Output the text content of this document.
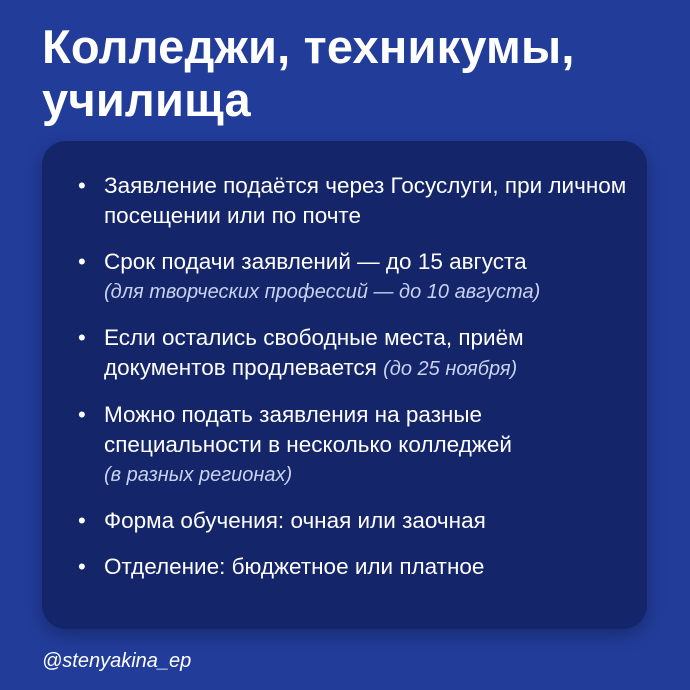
Колледжи, техникумы,
училища
• Заявление подаётся через Госуслуги, при личном посещении или по почте
• Срок подачи заявлений — до 15 августа
(для творческих профессий — до 10 августа)
• Если остались свободные места, приём документов продлевается (до 25 ноября)
• Можно подать заявления на разные специальности в несколько колледжей
(в разных регионах)
• Форма обучения: очная или заочная
• Отделение: бюджетное или платное
@stenyakina_ep
